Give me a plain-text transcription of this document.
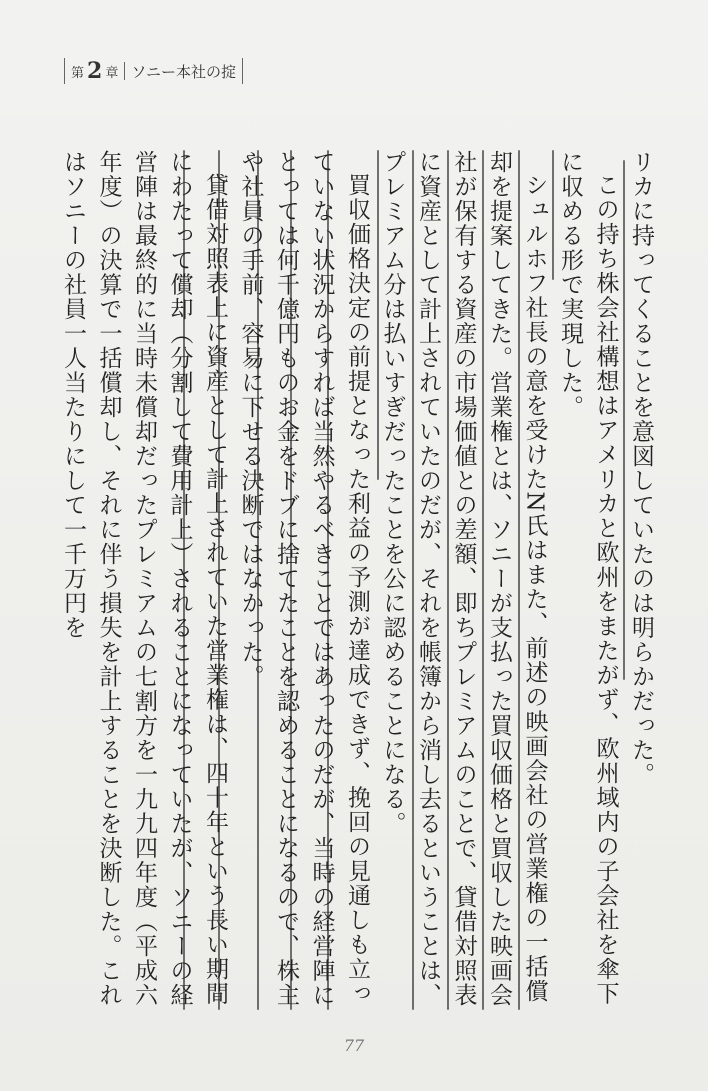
第 2 章 ソニー本社の掟

リカに持ってくることを意図していたのは明らかだった。

この持ち株会社構想はアメリカと欧州をまたがず、欧州域内の子会社を傘下に収める形で実現した。

シュルホフ社長の意を受けたN氏はまた、前述の映画会社の営業権の一括償却を提案してきた。営業権とは、ソニーが支払った買収価格と買収した映画会社が保有する資産の市場価値との差額、即ちプレミアムのことで、貸借対照表に資産として計上されていたのだが、それを帳簿から消し去るということは、プレミアム分は払いすぎだったことを公に認めることになる。

買収価格決定の前提となった利益の予測が達成できず、挽回の見通しも立っていない状況からすれば当然やるべきことではあったのだが、当時の経営陣にとっては何千億円ものお金をドブに捨てたことを認めることになるので、株主や社員の手前、容易に下せる決断ではなかった。

貸借対照表上に資産として計上されていた営業権は、四十年という長い期間にわたって償却（分割して費用計上）されることになっていたが、ソニーの経営陣は最終的に当時未償却だったプレミアムの七割方を一九九四年度（平成六年度）の決算で一括償却し、それに伴う損失を計上することを決断した。これはソニーの社員一人当たりにして一千万円を

77
